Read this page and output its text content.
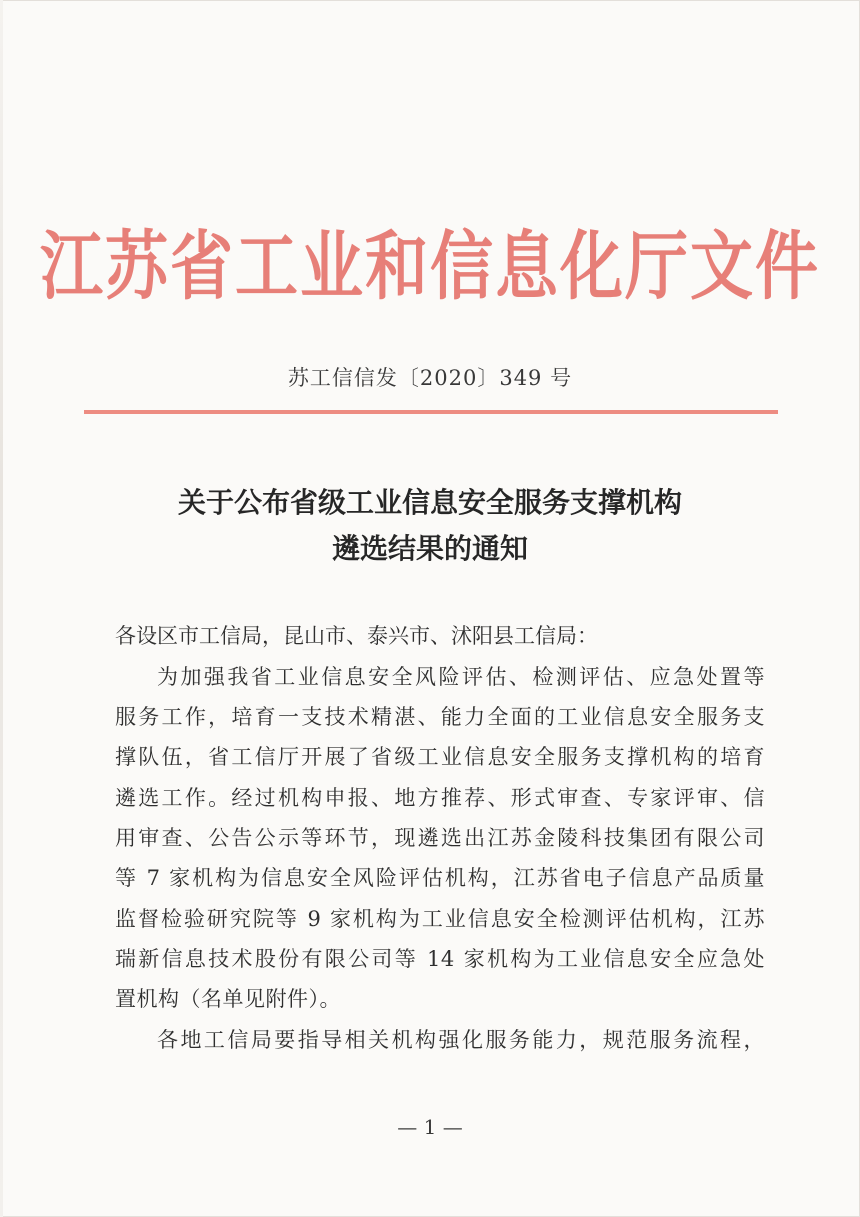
江苏省工业和信息化厅文件
苏工信信发〔2020〕349 号
关于公布省级工业信息安全服务支撑机构
遴选结果的通知
各设区市工信局，昆山市、泰兴市、沭阳县工信局：
为加强我省工业信息安全风险评估、检测评估、应急处置等
服务工作，培育一支技术精湛、能力全面的工业信息安全服务支
撑队伍，省工信厅开展了省级工业信息安全服务支撑机构的培育
遴选工作。经过机构申报、地方推荐、形式审查、专家评审、信
用审查、公告公示等环节，现遴选出江苏金陵科技集团有限公司
等 7 家机构为信息安全风险评估机构，江苏省电子信息产品质量
监督检验研究院等 9 家机构为工业信息安全检测评估机构，江苏
瑞新信息技术股份有限公司等 14 家机构为工业信息安全应急处
置机构（名单见附件）。
各地工信局要指导相关机构强化服务能力，规范服务流程，
— 1 —
